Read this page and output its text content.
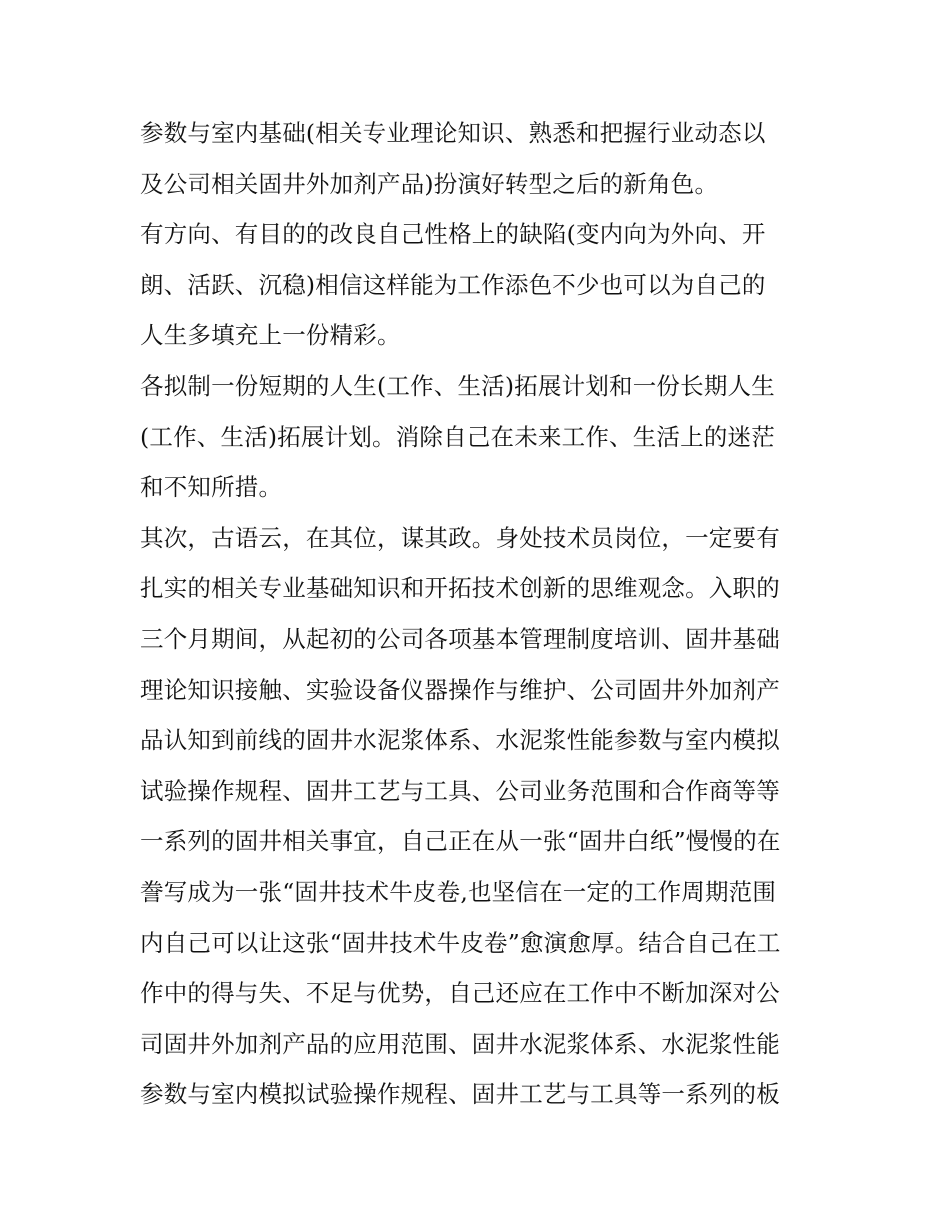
参数与室内基础(相关专业理论知识、熟悉和把握行业动态以
及公司相关固井外加剂产品)扮演好转型之后的新角色。
有方向、有目的的改良自己性格上的缺陷(变内向为外向、开
朗、活跃、沉稳)相信这样能为工作添色不少也可以为自己的
人生多填充上一份精彩。
各拟制一份短期的人生(工作、生活)拓展计划和一份长期人生
(工作、生活)拓展计划。消除自己在未来工作、生活上的迷茫
和不知所措。
其次，古语云，在其位，谋其政。身处技术员岗位，一定要有
扎实的相关专业基础知识和开拓技术创新的思维观念。入职的
三个月期间，从起初的公司各项基本管理制度培训、固井基础
理论知识接触、实验设备仪器操作与维护、公司固井外加剂产
品认知到前线的固井水泥浆体系、水泥浆性能参数与室内模拟
试验操作规程、固井工艺与工具、公司业务范围和合作商等等
一系列的固井相关事宜，自己正在从一张“固井白纸”慢慢的在
誊写成为一张“固井技术牛皮卷,也坚信在一定的工作周期范围
内自己可以让这张“固井技术牛皮卷”愈演愈厚。结合自己在工
作中的得与失、不足与优势，自己还应在工作中不断加深对公
司固井外加剂产品的应用范围、固井水泥浆体系、水泥浆性能
参数与室内模拟试验操作规程、固井工艺与工具等一系列的板
